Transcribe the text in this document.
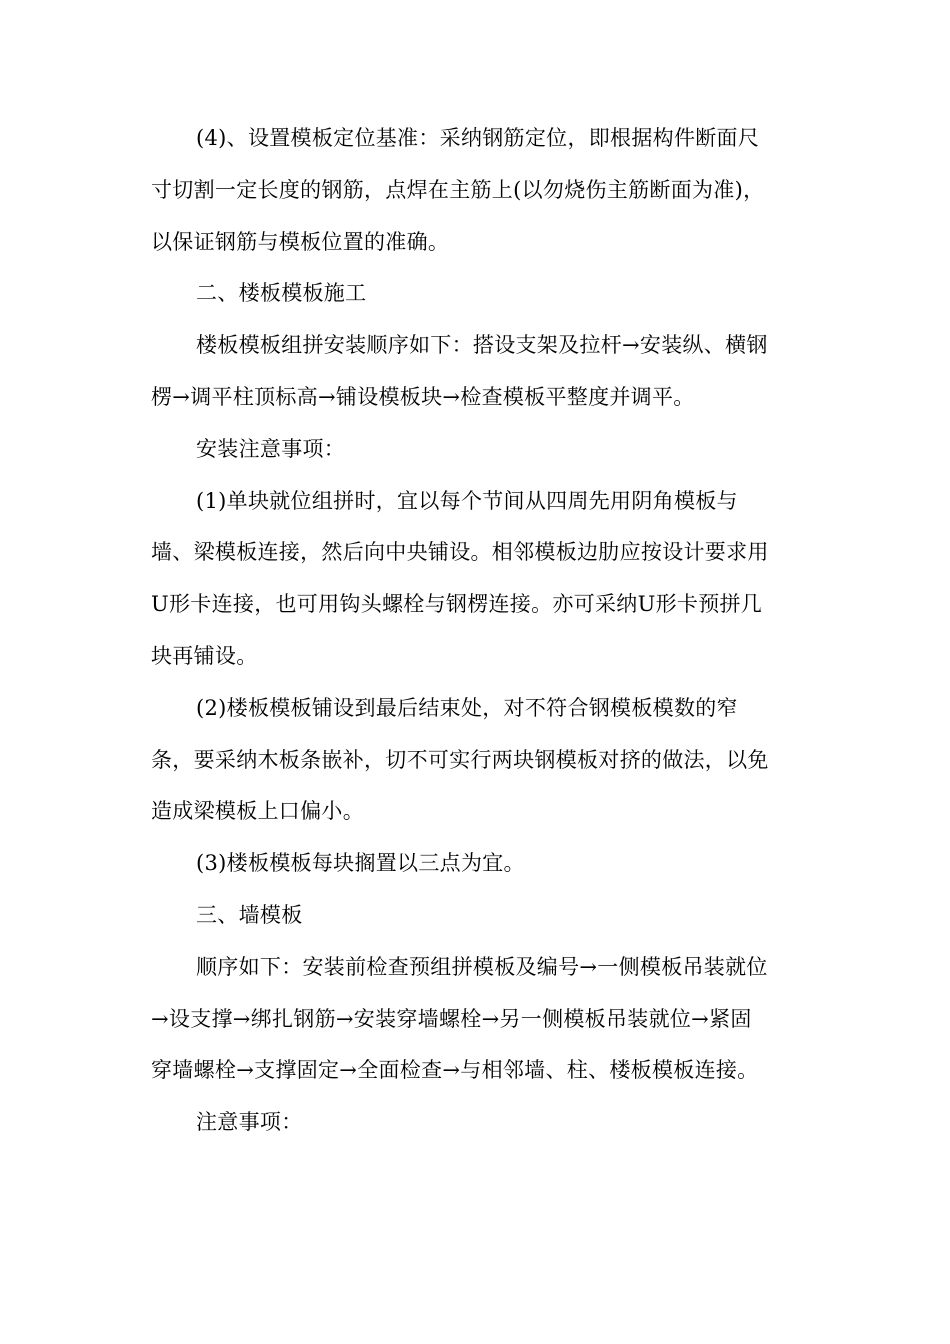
(4)、设置模板定位基准：采纳钢筋定位，即根据构件断面尺
寸切割一定长度的钢筋，点焊在主筋上(以勿烧伤主筋断面为准)，
以保证钢筋与模板位置的准确。
二、楼板模板施工
楼板模板组拼安装顺序如下：搭设支架及拉杆→安装纵、横钢
楞→调平柱顶标高→铺设模板块→检查模板平整度并调平。
安装注意事项：
(1)单块就位组拼时，宜以每个节间从四周先用阴角模板与
墙、梁模板连接，然后向中央铺设。相邻模板边肋应按设计要求用
U形卡连接，也可用钩头螺栓与钢楞连接。亦可采纳U形卡预拼几
块再铺设。
(2)楼板模板铺设到最后结束处，对不符合钢模板模数的窄
条，要采纳木板条嵌补，切不可实行两块钢模板对挤的做法，以免
造成梁模板上口偏小。
(3)楼板模板每块搁置以三点为宜。
三、墙模板
顺序如下：安装前检查预组拼模板及编号→一侧模板吊装就位
→设支撑→绑扎钢筋→安装穿墙螺栓→另一侧模板吊装就位→紧固
穿墙螺栓→支撑固定→全面检查→与相邻墙、柱、楼板模板连接。
注意事项：
